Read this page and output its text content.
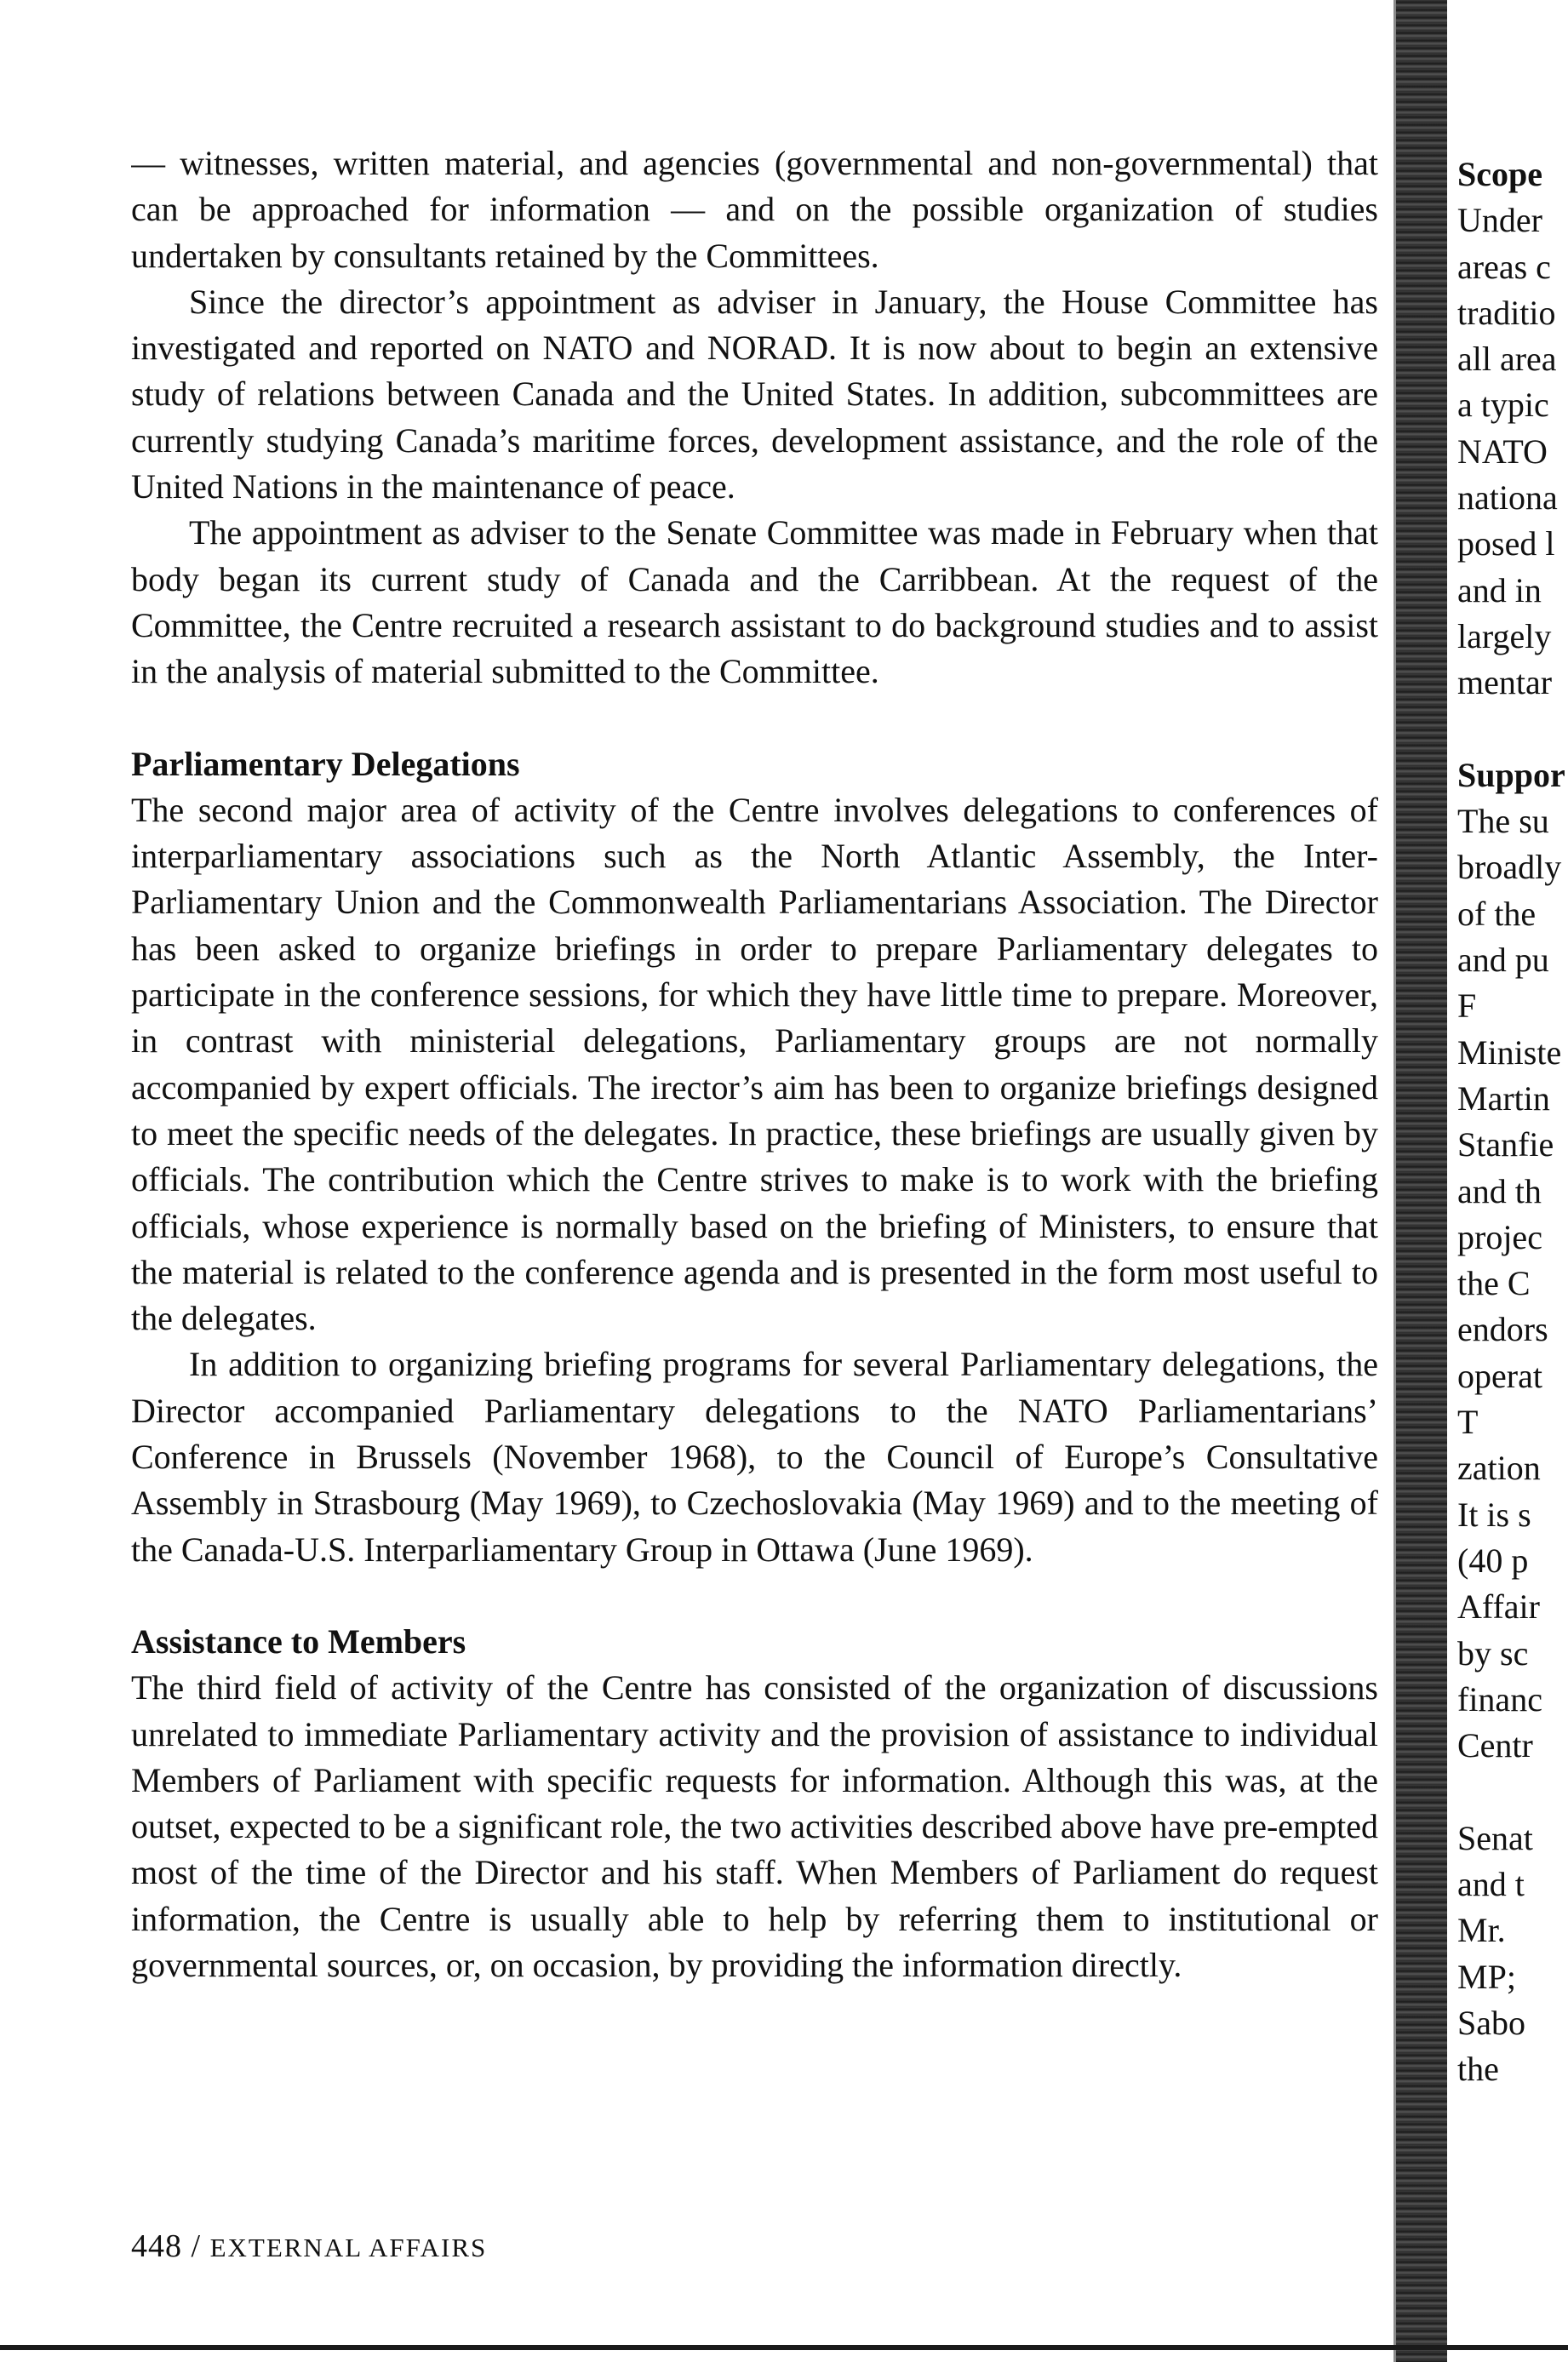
— witnesses, written material, and agencies (governmental and non-governmental) that can be approached for information — and on the possible organization of studies undertaken by consultants retained by the Committees.

Since the director’s appointment as adviser in January, the House Committee has investigated and reported on NATO and NORAD. It is now about to begin an extensive study of relations between Canada and the United States. In addition, subcommittees are currently studying Canada’s maritime forces, development assistance, and the role of the United Nations in the maintenance of peace.

The appointment as adviser to the Senate Committee was made in February when that body began its current study of Canada and the Carribbean. At the request of the Committee, the Centre recruited a research assistant to do background studies and to assist in the analysis of material submitted to the Committee.

Parliamentary Delegations

The second major area of activity of the Centre involves delegations to conferences of interparliamentary associations such as the North Atlantic Assembly, the Inter-Parliamentary Union and the Commonwealth Parliamentarians Association. The Director has been asked to organize briefings in order to prepare Parliamentary delegates to participate in the conference sessions, for which they have little time to prepare. Moreover, in contrast with ministerial delegations, Parliamentary groups are not normally accompanied by expert officials. The irector’s aim has been to organize briefings designed to meet the specific needs of the delegates. In practice, these briefings are usually given by officials. The contribution which the Centre strives to make is to work with the briefing officials, whose experience is normally based on the briefing of Ministers, to ensure that the material is related to the conference agenda and is presented in the form most useful to the delegates.

In addition to organizing briefing programs for several Parliamentary delegations, the Director accompanied Parliamentary delegations to the NATO Parliamentarians’ Conference in Brussels (November 1968), to the Council of Europe’s Consultative Assembly in Strasbourg (May 1969), to Czechoslovakia (May 1969) and to the meeting of the Canada-U.S. Interparliamentary Group in Ottawa (June 1969).

Assistance to Members

The third field of activity of the Centre has consisted of the organization of discussions unrelated to immediate Parliamentary activity and the provision of assistance to individual Members of Parliament with specific requests for information. Although this was, at the outset, expected to be a significant role, the two activities described above have pre-empted most of the time of the Director and his staff. When Members of Parliament do request information, the Centre is usually able to help by referring them to institutional or governmental sources, or, on occasion, by providing the information directly.

448 / EXTERNAL AFFAIRS
Scope
Under
areas c
traditio
all area
a typic
NATO
nationa
posed l
and in
largely
mentar
Suppor
The su
broadly
of the
and pu
F
Ministe
Martin
Stanfie
and th
projec
the C
endors
operat
T
zation
It is s
(40 p
Affair
by sc
financ
Centr
Senat
and t
Mr.
MP;
Sabo
the
